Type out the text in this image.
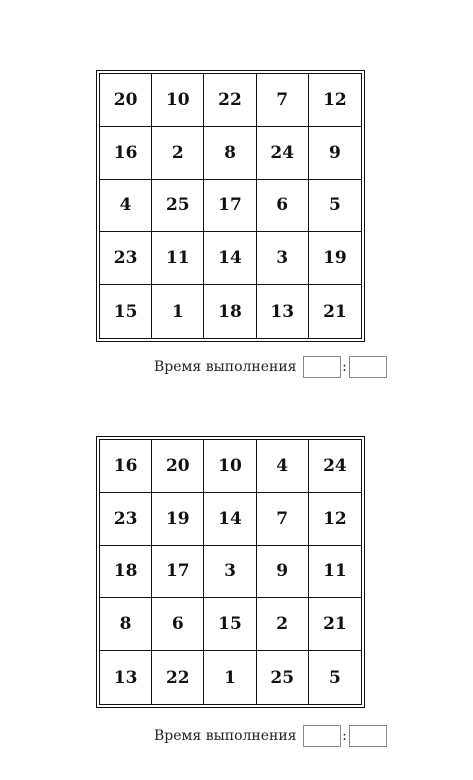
20	10	22	7	12
16	2	8	24	9
4	25	17	6	5
23	11	14	3	19
15	1	18	13	21
Время выполнения	:
16	20	10	4	24
23	19	14	7	12
18	17	3	9	11
8	6	15	2	21
13	22	1	25	5
Время выполнения	:
